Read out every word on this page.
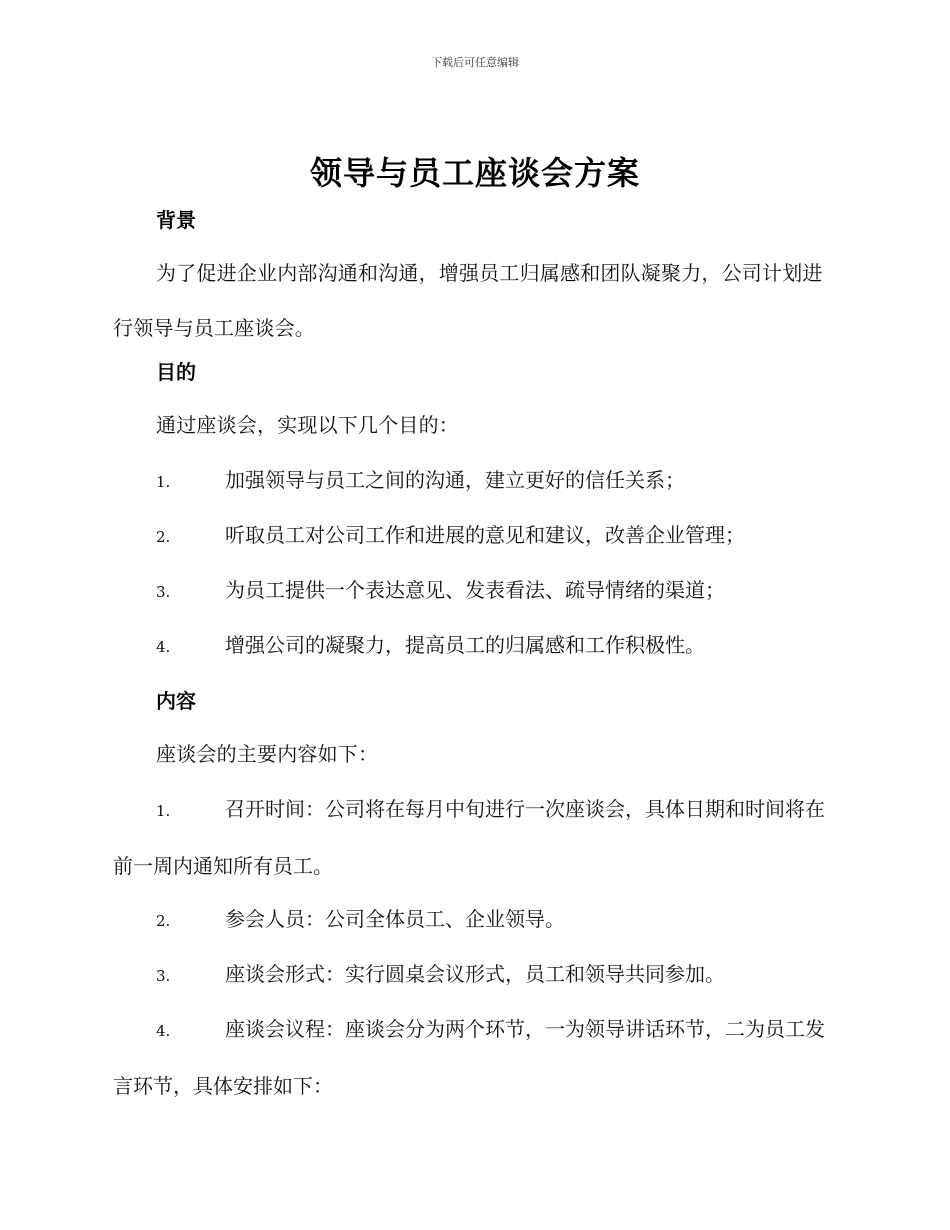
下载后可任意编辑
领导与员工座谈会方案
背景
为了促进企业内部沟通和沟通，增强员工归属感和团队凝聚力，公司计划进行领导与员工座谈会。
目的
通过座谈会，实现以下几个目的：
1.	加强领导与员工之间的沟通，建立更好的信任关系；
2.	听取员工对公司工作和进展的意见和建议，改善企业管理；
3.	为员工提供一个表达意见、发表看法、疏导情绪的渠道；
4.	增强公司的凝聚力，提高员工的归属感和工作积极性。
内容
座谈会的主要内容如下：
1.	召开时间：公司将在每月中旬进行一次座谈会，具体日期和时间将在前一周内通知所有员工。
2.	参会人员：公司全体员工、企业领导。
3.	座谈会形式：实行圆桌会议形式，员工和领导共同参加。
4.	座谈会议程：座谈会分为两个环节，一为领导讲话环节，二为员工发言环节，具体安排如下：
